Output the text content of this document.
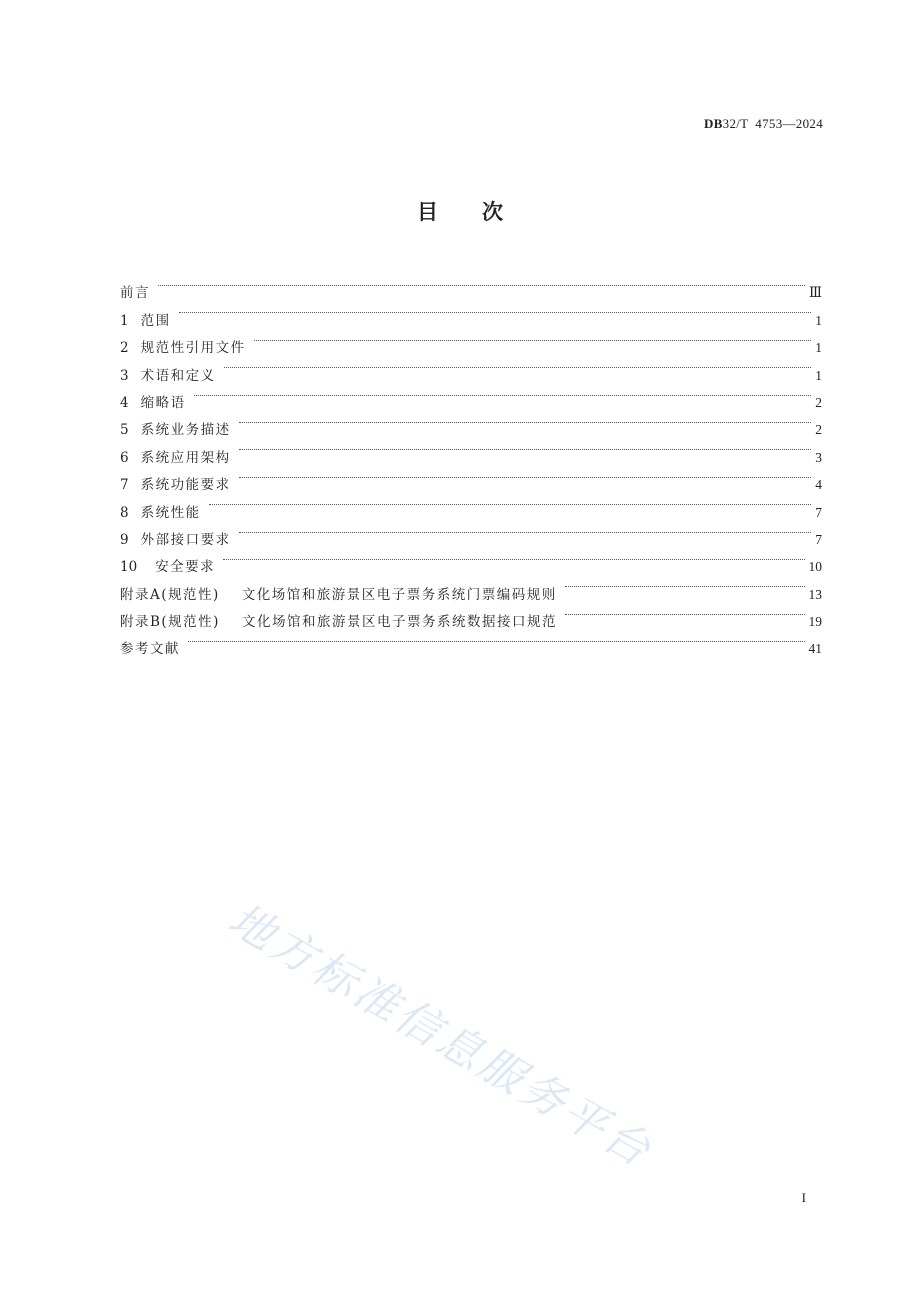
DB32/T  4753—2024
目次
前言	Ⅲ
1 范围	1
2 规范性引用文件	1
3 术语和定义	1
4 缩略语	2
5 系统业务描述	2
6 系统应用架构	3
7 系统功能要求	4
8 系统性能	7
9 外部接口要求	7
10	安全要求	10
附录A(规范性) 文化场馆和旅游景区电子票务系统门票编码规则	13
附录B(规范性) 文化场馆和旅游景区电子票务系统数据接口规范	19
参考文献	41
地方标准信息服务平台
I
